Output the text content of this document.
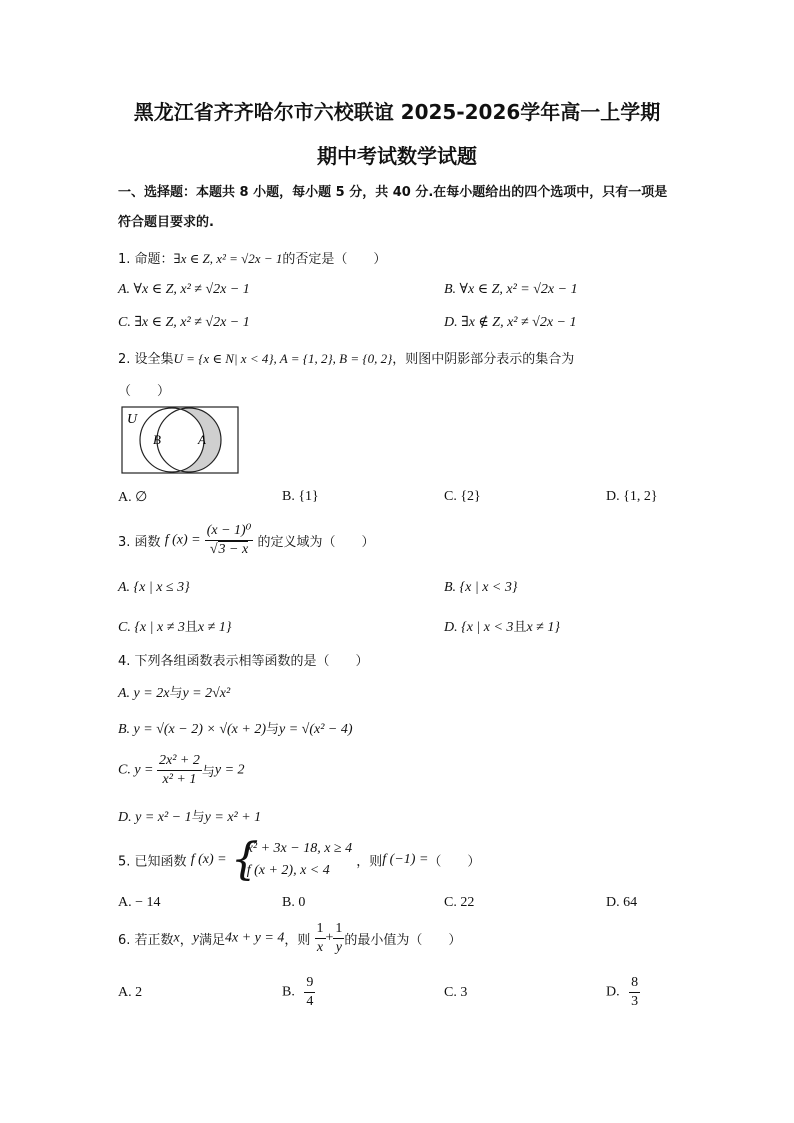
黑龙江省齐齐哈尔市六校联谊 2025-2026学年高一上学期
期中考试数学试题
一、选择题：本题共 8 小题，每小题 5 分，共 40 分.在每小题给出的四个选项中，只有一项是符合题目要求的.
1. 命题：∃x ∈ Z, x² = √2x − 1的否定是（　　）
A. ∀x ∈ Z, x² ≠ √2x − 1	B. ∀x ∈ Z, x² = √2x − 1
C. ∃x ∈ Z, x² ≠ √2x − 1	D. ∃x ∉ Z, x² ≠ √2x − 1
2. 设全集U = {x ∈ N| x < 4}, A = {1, 2}, B = {0, 2}，则图中阴影部分表示的集合为
（　　）
U
B	A
A. ∅	B. {1}	C. {2}	D. {1, 2}
3. 函数 f $(x) = \frac{\text{(x − 1)⁰}}{√3 - x}$ 的定义域为（　　）
A. {x | x ≤ 3}	B. {x | x < 3}
C. {x | x ≠ 3且x ≠ 1}	D. {x | x < 3且x ≠ 1}
4. 下列各组函数表示相等函数的是（　　）
A. y = 2x与y = 2√x²
B. y = √(x − 2) × √(x + 2)与y = √(x² − 4)
C. $y = \frac{\text{2x² + 2}}{\text{x² + 1}}$ 与y = 2
D. y = x² − 1与y = x² + 1
5. 已知函数 f (x) = {
x² + 3x − 18, x ≥ 4
f (x + 2), x < 4
，则f (−1) =（　　）
A. − 14	B. 0	C. 22	D. 64
6. 若正数x，y满足4x + y = 4，则 $\frac{1}{x} + \frac{1}{y}$ 的最小值为（　　）
A. 2	B. $\frac{9}{4}$	C. 3	D. $\frac{8}{3}$
